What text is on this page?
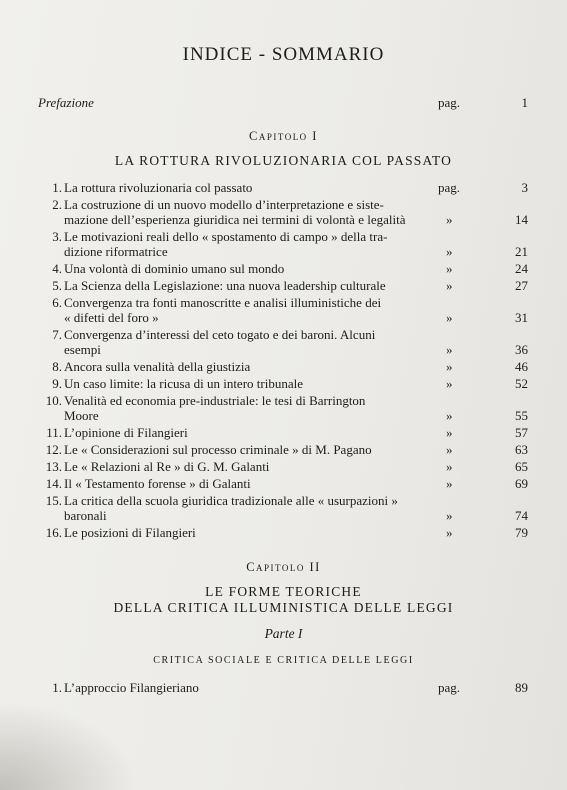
INDICE - SOMMARIO
Prefazione	pag.	1
Capitolo I
LA ROTTURA RIVOLUZIONARIA COL PASSATO
1. La rottura rivoluzionaria col passato	pag.	3
2. La costruzione di un nuovo modello d’interpretazione e siste-
mazione dell’esperienza giuridica nei termini di volontà e legalità	»	14
3. Le motivazioni reali dello « spostamento di campo » della tra-
dizione riformatrice	»	21
4. Una volontà di dominio umano sul mondo	»	24
5. La Scienza della Legislazione: una nuova leadership culturale	»	27
6. Convergenza tra fonti manoscritte e analisi illuministiche dei
« difetti del foro »	»	31
7. Convergenza d’interessi del ceto togato e dei baroni. Alcuni
esempi	»	36
8. Ancora sulla venalità della giustizia	»	46
9. Un caso limite: la ricusa di un intero tribunale	»	52
10. Venalità ed economia pre-industriale: le tesi di Barrington
Moore	»	55
11. L’opinione di Filangieri	»	57
12. Le « Considerazioni sul processo criminale » di M. Pagano	»	63
13. Le « Relazioni al Re » di G. M. Galanti	»	65
14. Il « Testamento forense » di Galanti	»	69
15. La critica della scuola giuridica tradizionale alle « usurpazioni »
baronali	»	74
16. Le posizioni di Filangieri	»	79
Capitolo II
LE FORME TEORICHE
DELLA CRITICA ILLUMINISTICA DELLE LEGGI
Parte I
CRITICA SOCIALE E CRITICA DELLE LEGGI
1. L’approccio Filangieriano	pag.	89
